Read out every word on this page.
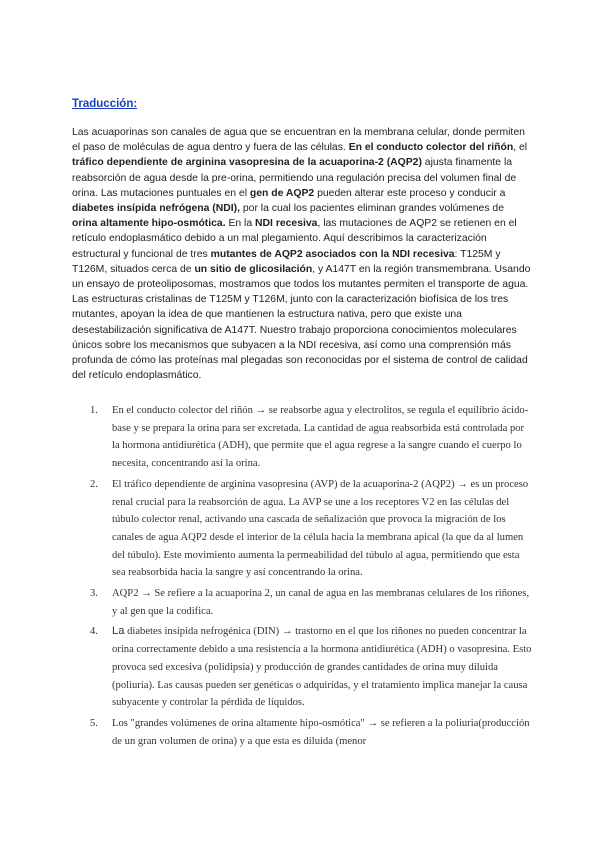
Traducción:
Las acuaporinas son canales de agua que se encuentran en la membrana celular, donde permiten el paso de moléculas de agua dentro y fuera de las células. En el conducto colector del riñón, el tráfico dependiente de arginina vasopresina de la acuaporina-2 (AQP2) ajusta finamente la reabsorción de agua desde la pre-orina, permitiendo una regulación precisa del volumen final de orina. Las mutaciones puntuales en el gen de AQP2 pueden alterar este proceso y conducir a diabetes insípida nefrógena (NDI), por la cual los pacientes eliminan grandes volúmenes de orina altamente hipo-osmótica. En la NDI recesiva, las mutaciones de AQP2 se retienen en el retículo endoplasmático debido a un mal plegamiento. Aquí describimos la caracterización estructural y funcional de tres mutantes de AQP2 asociados con la NDI recesiva: T125M y T126M, situados cerca de un sitio de glicosilación, y A147T en la región transmembrana. Usando un ensayo de proteoliposomas, mostramos que todos los mutantes permiten el transporte de agua. Las estructuras cristalinas de T125M y T126M, junto con la caracterización biofísica de los tres mutantes, apoyan la idea de que mantienen la estructura nativa, pero que existe una desestabilización significativa de A147T. Nuestro trabajo proporciona conocimientos moleculares únicos sobre los mecanismos que subyacen a la NDI recesiva, así como una comprensión más profunda de cómo las proteínas mal plegadas son reconocidas por el sistema de control de calidad del retículo endoplasmático.
1. En el conducto colector del riñón → se reabsorbe agua y electrolitos, se regula el equilibrio ácido-base y se prepara la orina para ser excretada. La cantidad de agua reabsorbida está controlada por la hormona antidiurética (ADH), que permite que el agua regrese a la sangre cuando el cuerpo lo necesita, concentrando así la orina.
2. El tráfico dependiente de arginina vasopresina (AVP) de la acuaporina-2 (AQP2) → es un proceso renal crucial para la reabsorción de agua. La AVP se une a los receptores V2 en las células del túbulo colector renal, activando una cascada de señalización que provoca la migración de los canales de agua AQP2 desde el interior de la célula hacia la membrana apical (la que da al lumen del túbulo). Este movimiento aumenta la permeabilidad del túbulo al agua, permitiendo que esta sea reabsorbida hacia la sangre y así concentrando la orina.
3. AQP2 → Se refiere a la acuaporina 2, un canal de agua en las membranas celulares de los riñones, y al gen que la codifica.
4. La diabetes insípida nefrogénica (DIN) → trastorno en el que los riñones no pueden concentrar la orina correctamente debido a una resistencia a la hormona antidiurética (ADH) o vasopresina. Esto provoca sed excesiva (polidipsia) y producción de grandes cantidades de orina muy diluida (poliuria). Las causas pueden ser genéticas o adquiridas, y el tratamiento implica manejar la causa subyacente y controlar la pérdida de líquidos.
5. Los "grandes volúmenes de orina altamente hipo-osmótica" → se refieren a la poliuria(producción de un gran volumen de orina) y a que esta es diluida (menor
